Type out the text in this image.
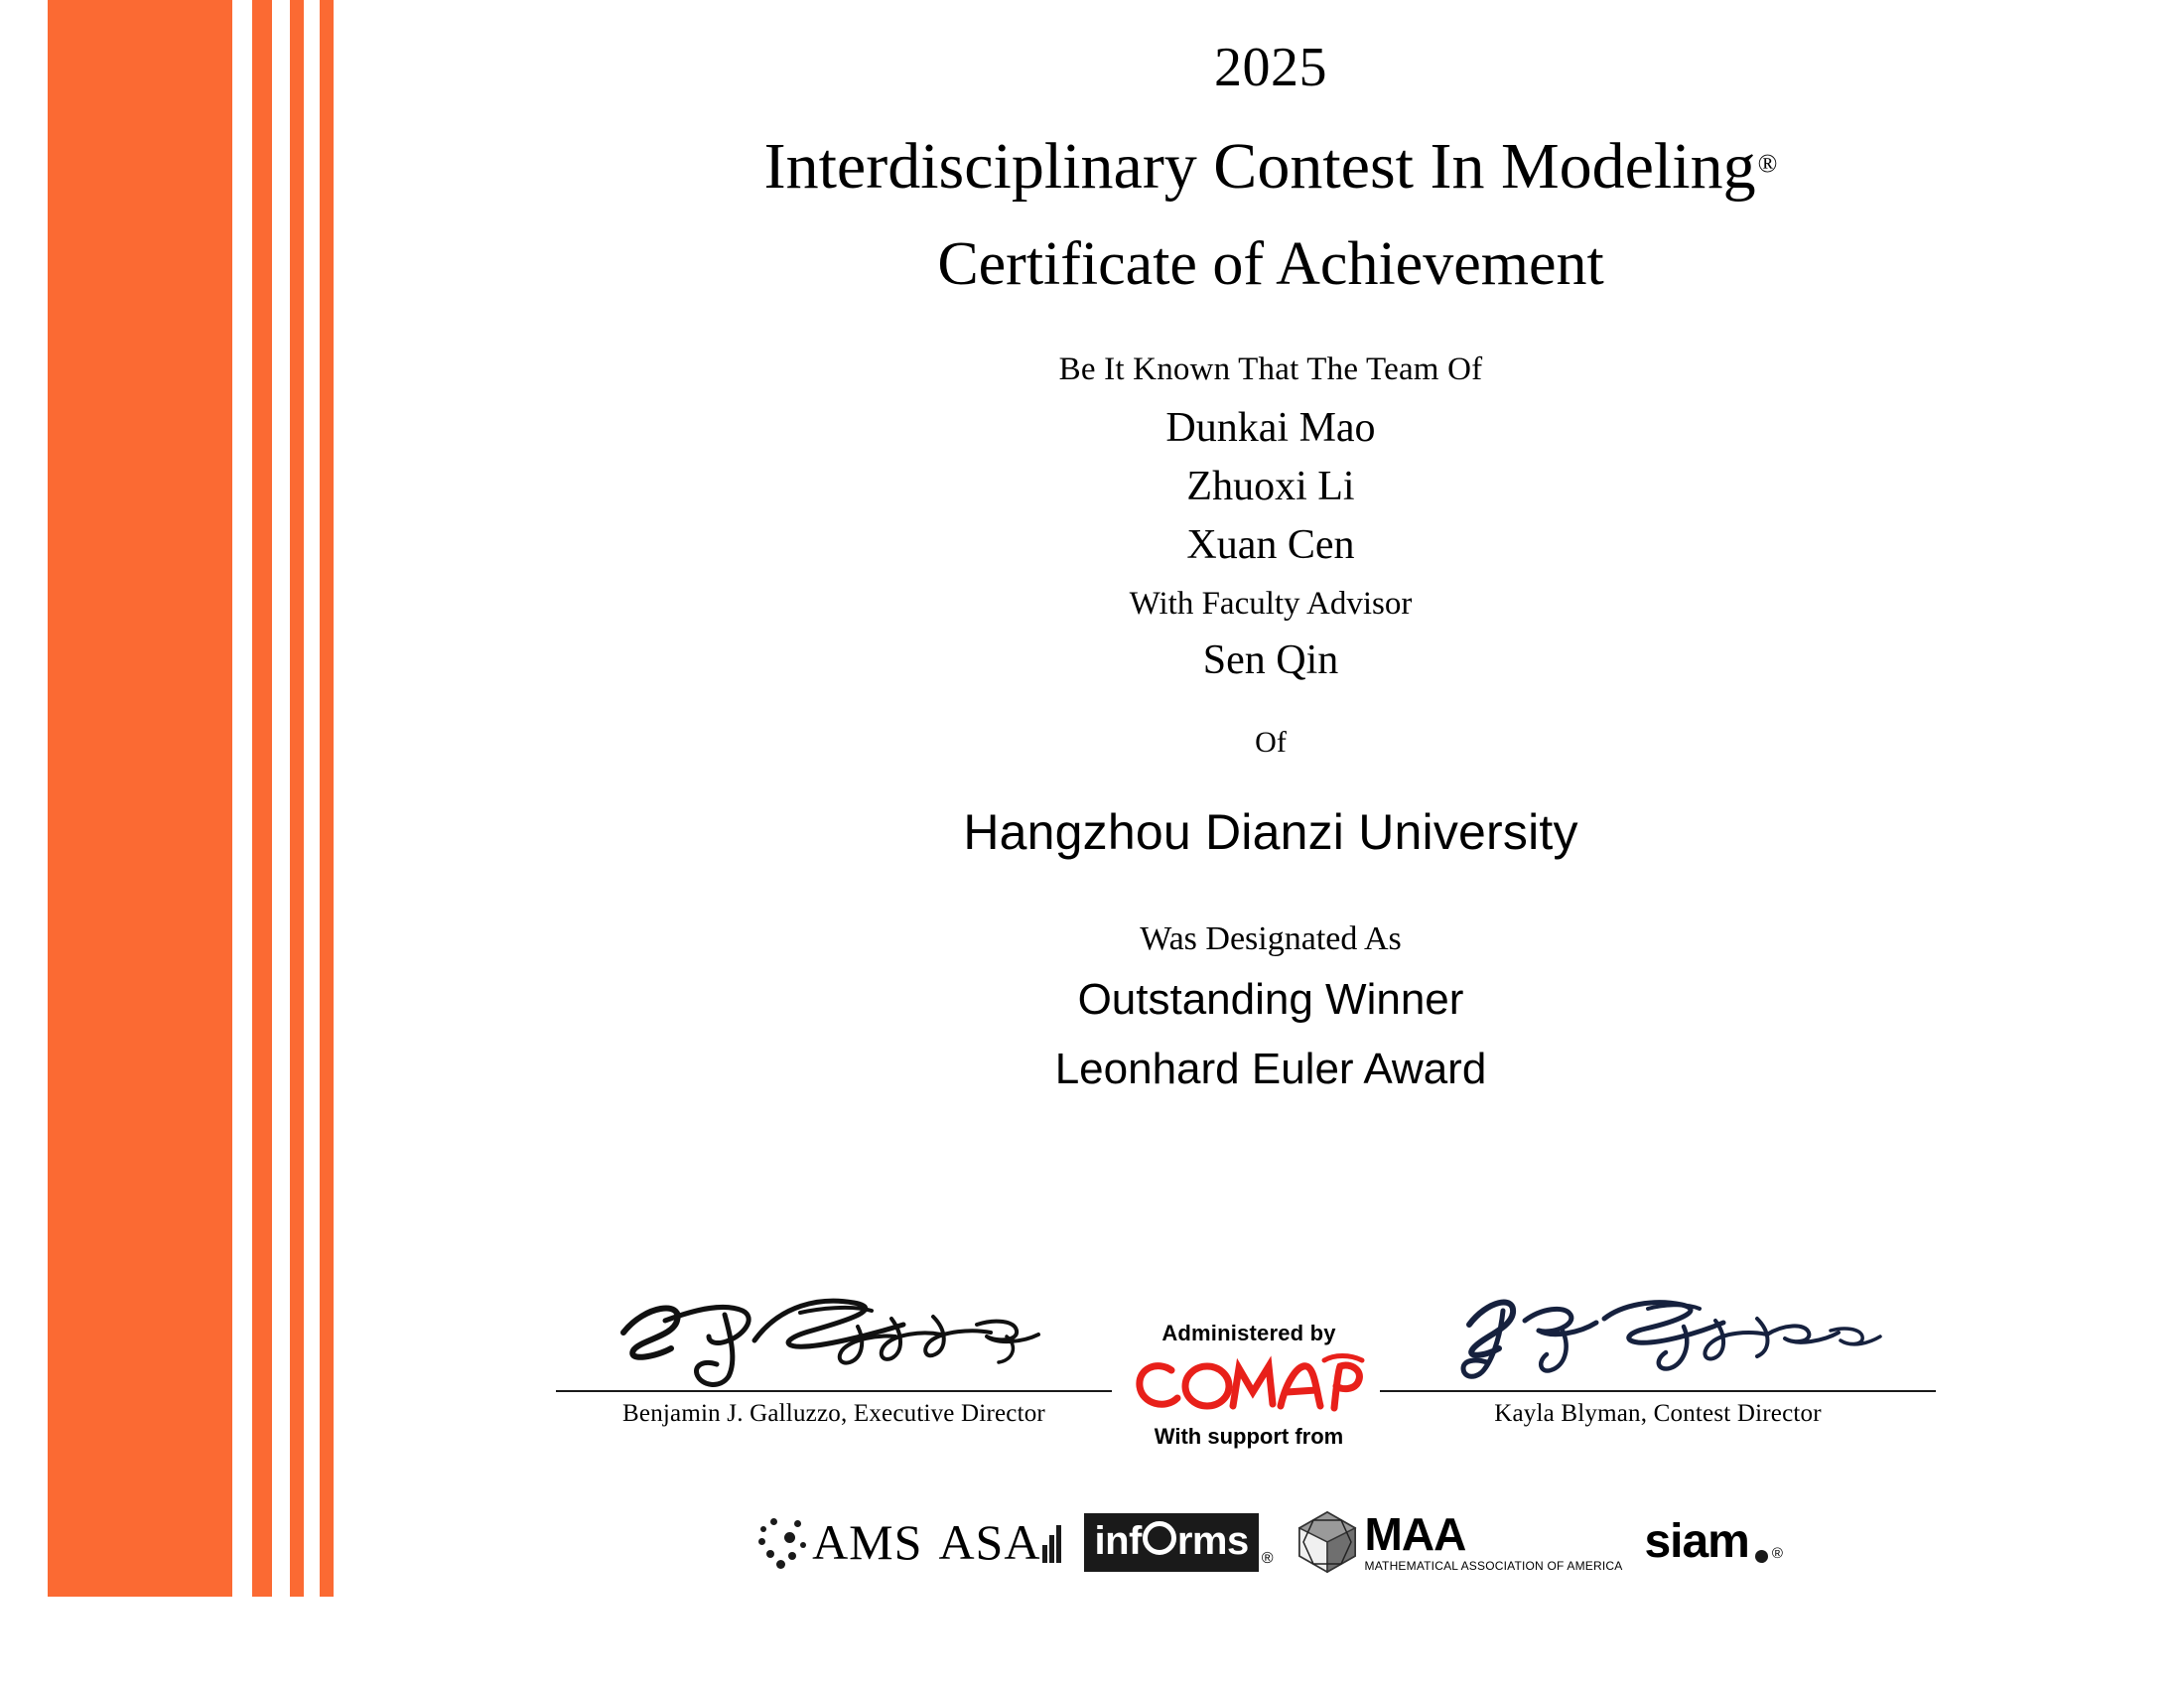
2025
Interdisciplinary Contest In Modeling®
Certificate of Achievement
Be It Known That The Team Of
Dunkai Mao
Zhuoxi Li
Xuan Cen
With Faculty Advisor
Sen Qin
Of
Hangzhou Dianzi University
Was Designated As
Outstanding Winner
Leonhard Euler Award
Benjamin J. Galluzzo, Executive Director	Kayla Blyman, Contest Director
Administered by
With support from
AMS ASA	inf rms ® MAA
MATHEMATICAL ASSOCIATION OF AMERICA siam ®
